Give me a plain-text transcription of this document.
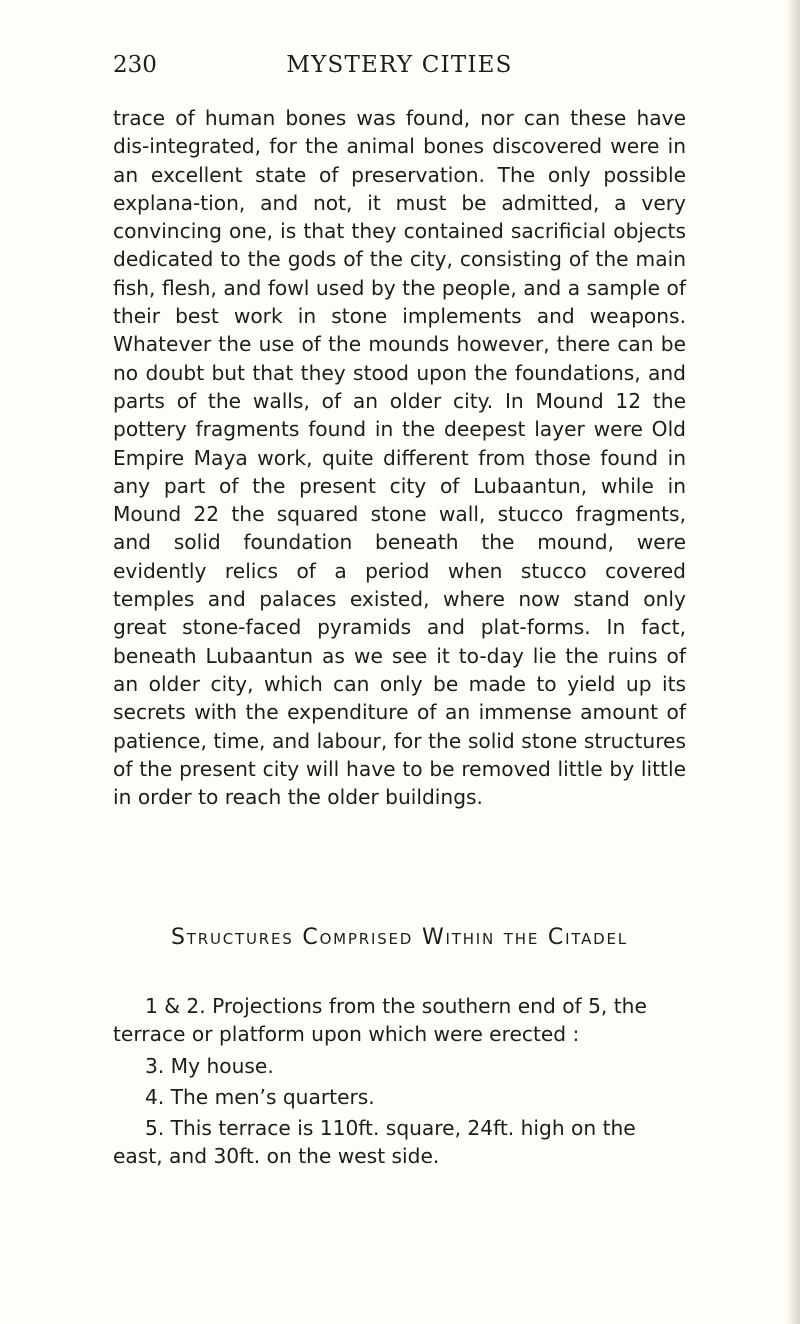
230	MYSTERY CITIES

trace of human bones was found, nor can these have dis-integrated, for the animal bones discovered were in an excellent state of preservation. The only possible explana-tion, and not, it must be admitted, a very convincing one, is that they contained sacrificial objects dedicated to the gods of the city, consisting of the main fish, flesh, and fowl used by the people, and a sample of their best work in stone implements and weapons. Whatever the use of the mounds however, there can be no doubt but that they stood upon the foundations, and parts of the walls, of an older city. In Mound 12 the pottery fragments found in the deepest layer were Old Empire Maya work, quite different from those found in any part of the present city of Lubaantun, while in Mound 22 the squared stone wall, stucco fragments, and solid foundation beneath the mound, were evidently relics of a period when stucco covered temples and palaces existed, where now stand only great stone-faced pyramids and plat-forms. In fact, beneath Lubaantun as we see it to-day lie the ruins of an older city, which can only be made to yield up its secrets with the expenditure of an immense amount of patience, time, and labour, for the solid stone structures of the present city will have to be removed little by little in order to reach the older buildings.

Structures Comprised Within the Citadel

1 & 2. Projections from the southern end of 5, the terrace or platform upon which were erected :

3. My house.

4. The men’s quarters.

5. This terrace is 110ft. square, 24ft. high on the east, and 30ft. on the west side.
